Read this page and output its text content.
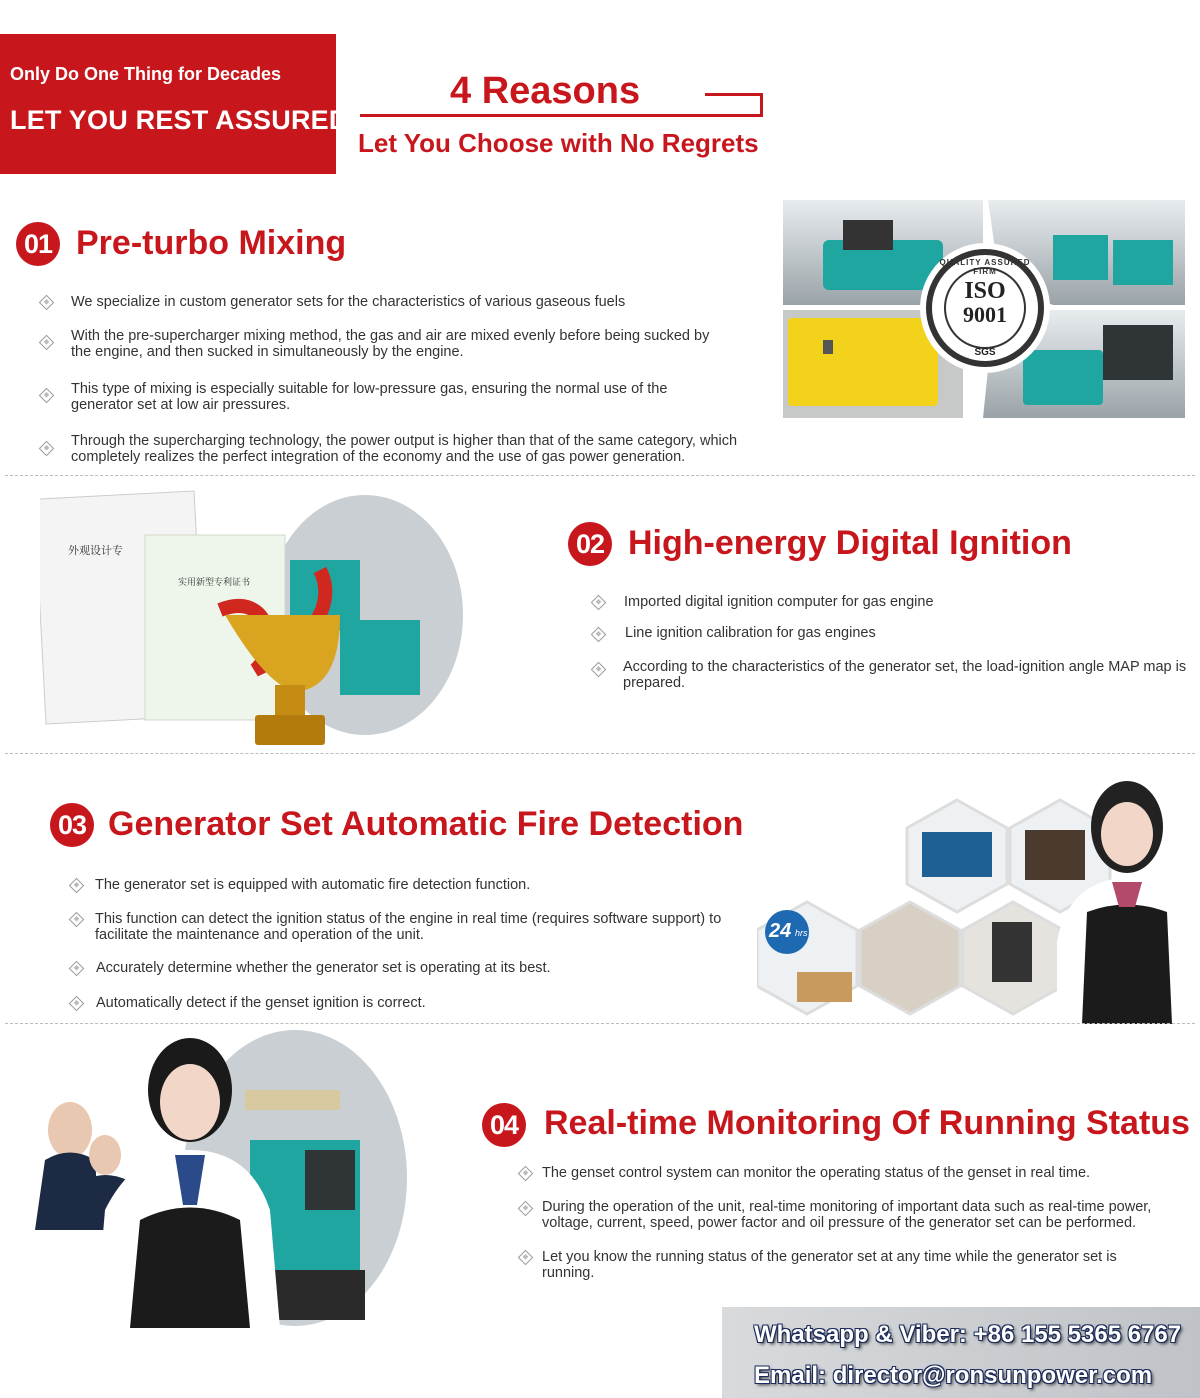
Only Do One Thing for Decades
LET YOU REST ASSURED
4 Reasons
Let You Choose with No Regrets
01 Pre-turbo Mixing
We specialize in custom generator sets for the characteristics of various gaseous fuels
With the pre-supercharger mixing method, the gas and air are mixed evenly before being sucked by the engine, and then sucked in simultaneously by the engine.
This type of mixing is especially suitable for low-pressure gas, ensuring the normal use of the generator set at low air pressures.
Through the supercharging technology, the power output is higher than that of the same category, which completely realizes the perfect integration of the economy and the use of gas power generation.
QUALITY ASSURED FIRM
ISO
9001
SGS
外观设计专
实用新型专利证书
02 High-energy Digital Ignition
Imported digital ignition computer for gas engine
Line ignition calibration for gas engines
According to the characteristics of the generator set, the load-ignition angle MAP map is prepared.
03 Generator Set Automatic Fire Detection
The generator set is equipped with automatic fire detection function.
This function can detect the ignition status of the engine in real time (requires software support) to facilitate the maintenance and operation of the unit.
Accurately determine whether the generator set is operating at its best.
Automatically detect if the genset ignition is correct.
24 hrs
04 Real-time Monitoring Of Running Status
The genset control system can monitor the operating status of the genset in real time.
During the operation of the unit, real-time monitoring of important data such as real-time power, voltage, current, speed, power factor and oil pressure of the generator set can be performed.
Let you know the running status of the generator set at any time while the generator set is running.
Whatsapp & Viber: +86 155 5365 6767
Email: director@ronsunpower.com
